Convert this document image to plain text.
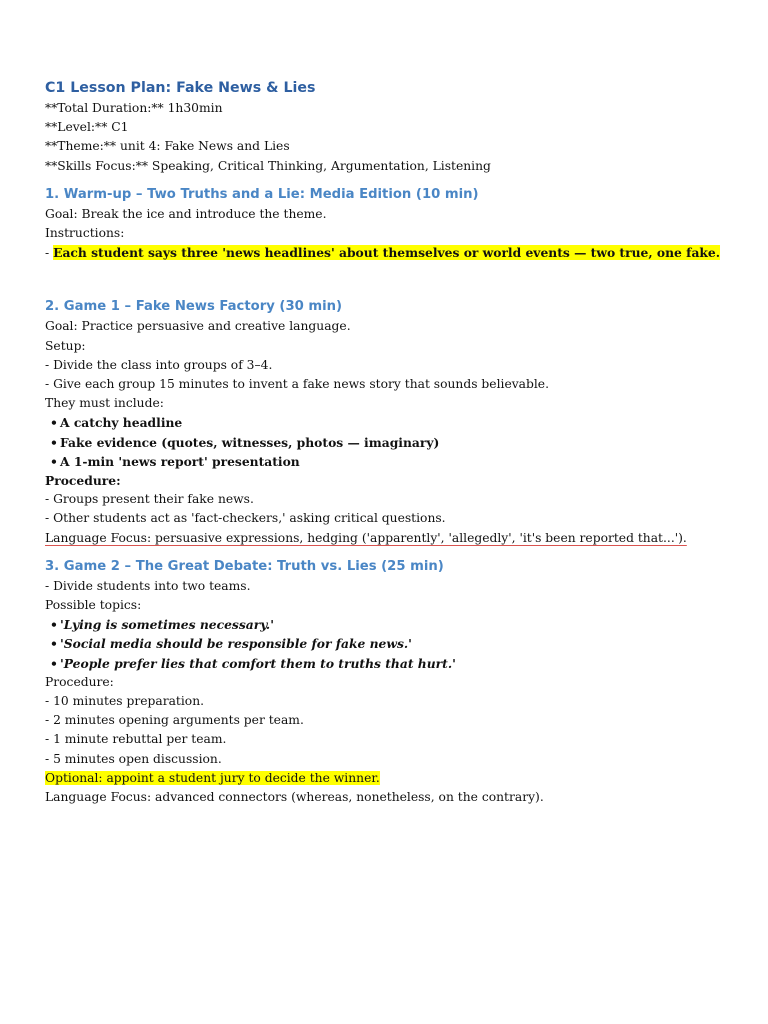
C1 Lesson Plan: Fake News & Lies
**Total Duration:** 1h30min
**Level:** C1
**Theme:** unit 4: Fake News and Lies
**Skills Focus:** Speaking, Critical Thinking, Argumentation, Listening
1. Warm-up – Two Truths and a Lie: Media Edition (10 min)
Goal: Break the ice and introduce the theme.
Instructions:
- Each student says three 'news headlines' about themselves or world events — two true, one fake.
2. Game 1 – Fake News Factory (30 min)
Goal: Practice persuasive and creative language.
Setup:
- Divide the class into groups of 3–4.
- Give each group 15 minutes to invent a fake news story that sounds believable.
They must include:
• A catchy headline
• Fake evidence (quotes, witnesses, photos — imaginary)
• A 1-min 'news report' presentation
Procedure:
- Groups present their fake news.
- Other students act as 'fact-checkers,' asking critical questions.
Language Focus: persuasive expressions, hedging ('apparently', 'allegedly', 'it's been reported that...').
3. Game 2 – The Great Debate: Truth vs. Lies (25 min)
- Divide students into two teams.
Possible topics:
• 'Lying is sometimes necessary.'
• 'Social media should be responsible for fake news.'
• 'People prefer lies that comfort them to truths that hurt.'
Procedure:
- 10 minutes preparation.
- 2 minutes opening arguments per team.
- 1 minute rebuttal per team.
- 5 minutes open discussion.
Optional: appoint a student jury to decide the winner.
Language Focus: advanced connectors (whereas, nonetheless, on the contrary).
